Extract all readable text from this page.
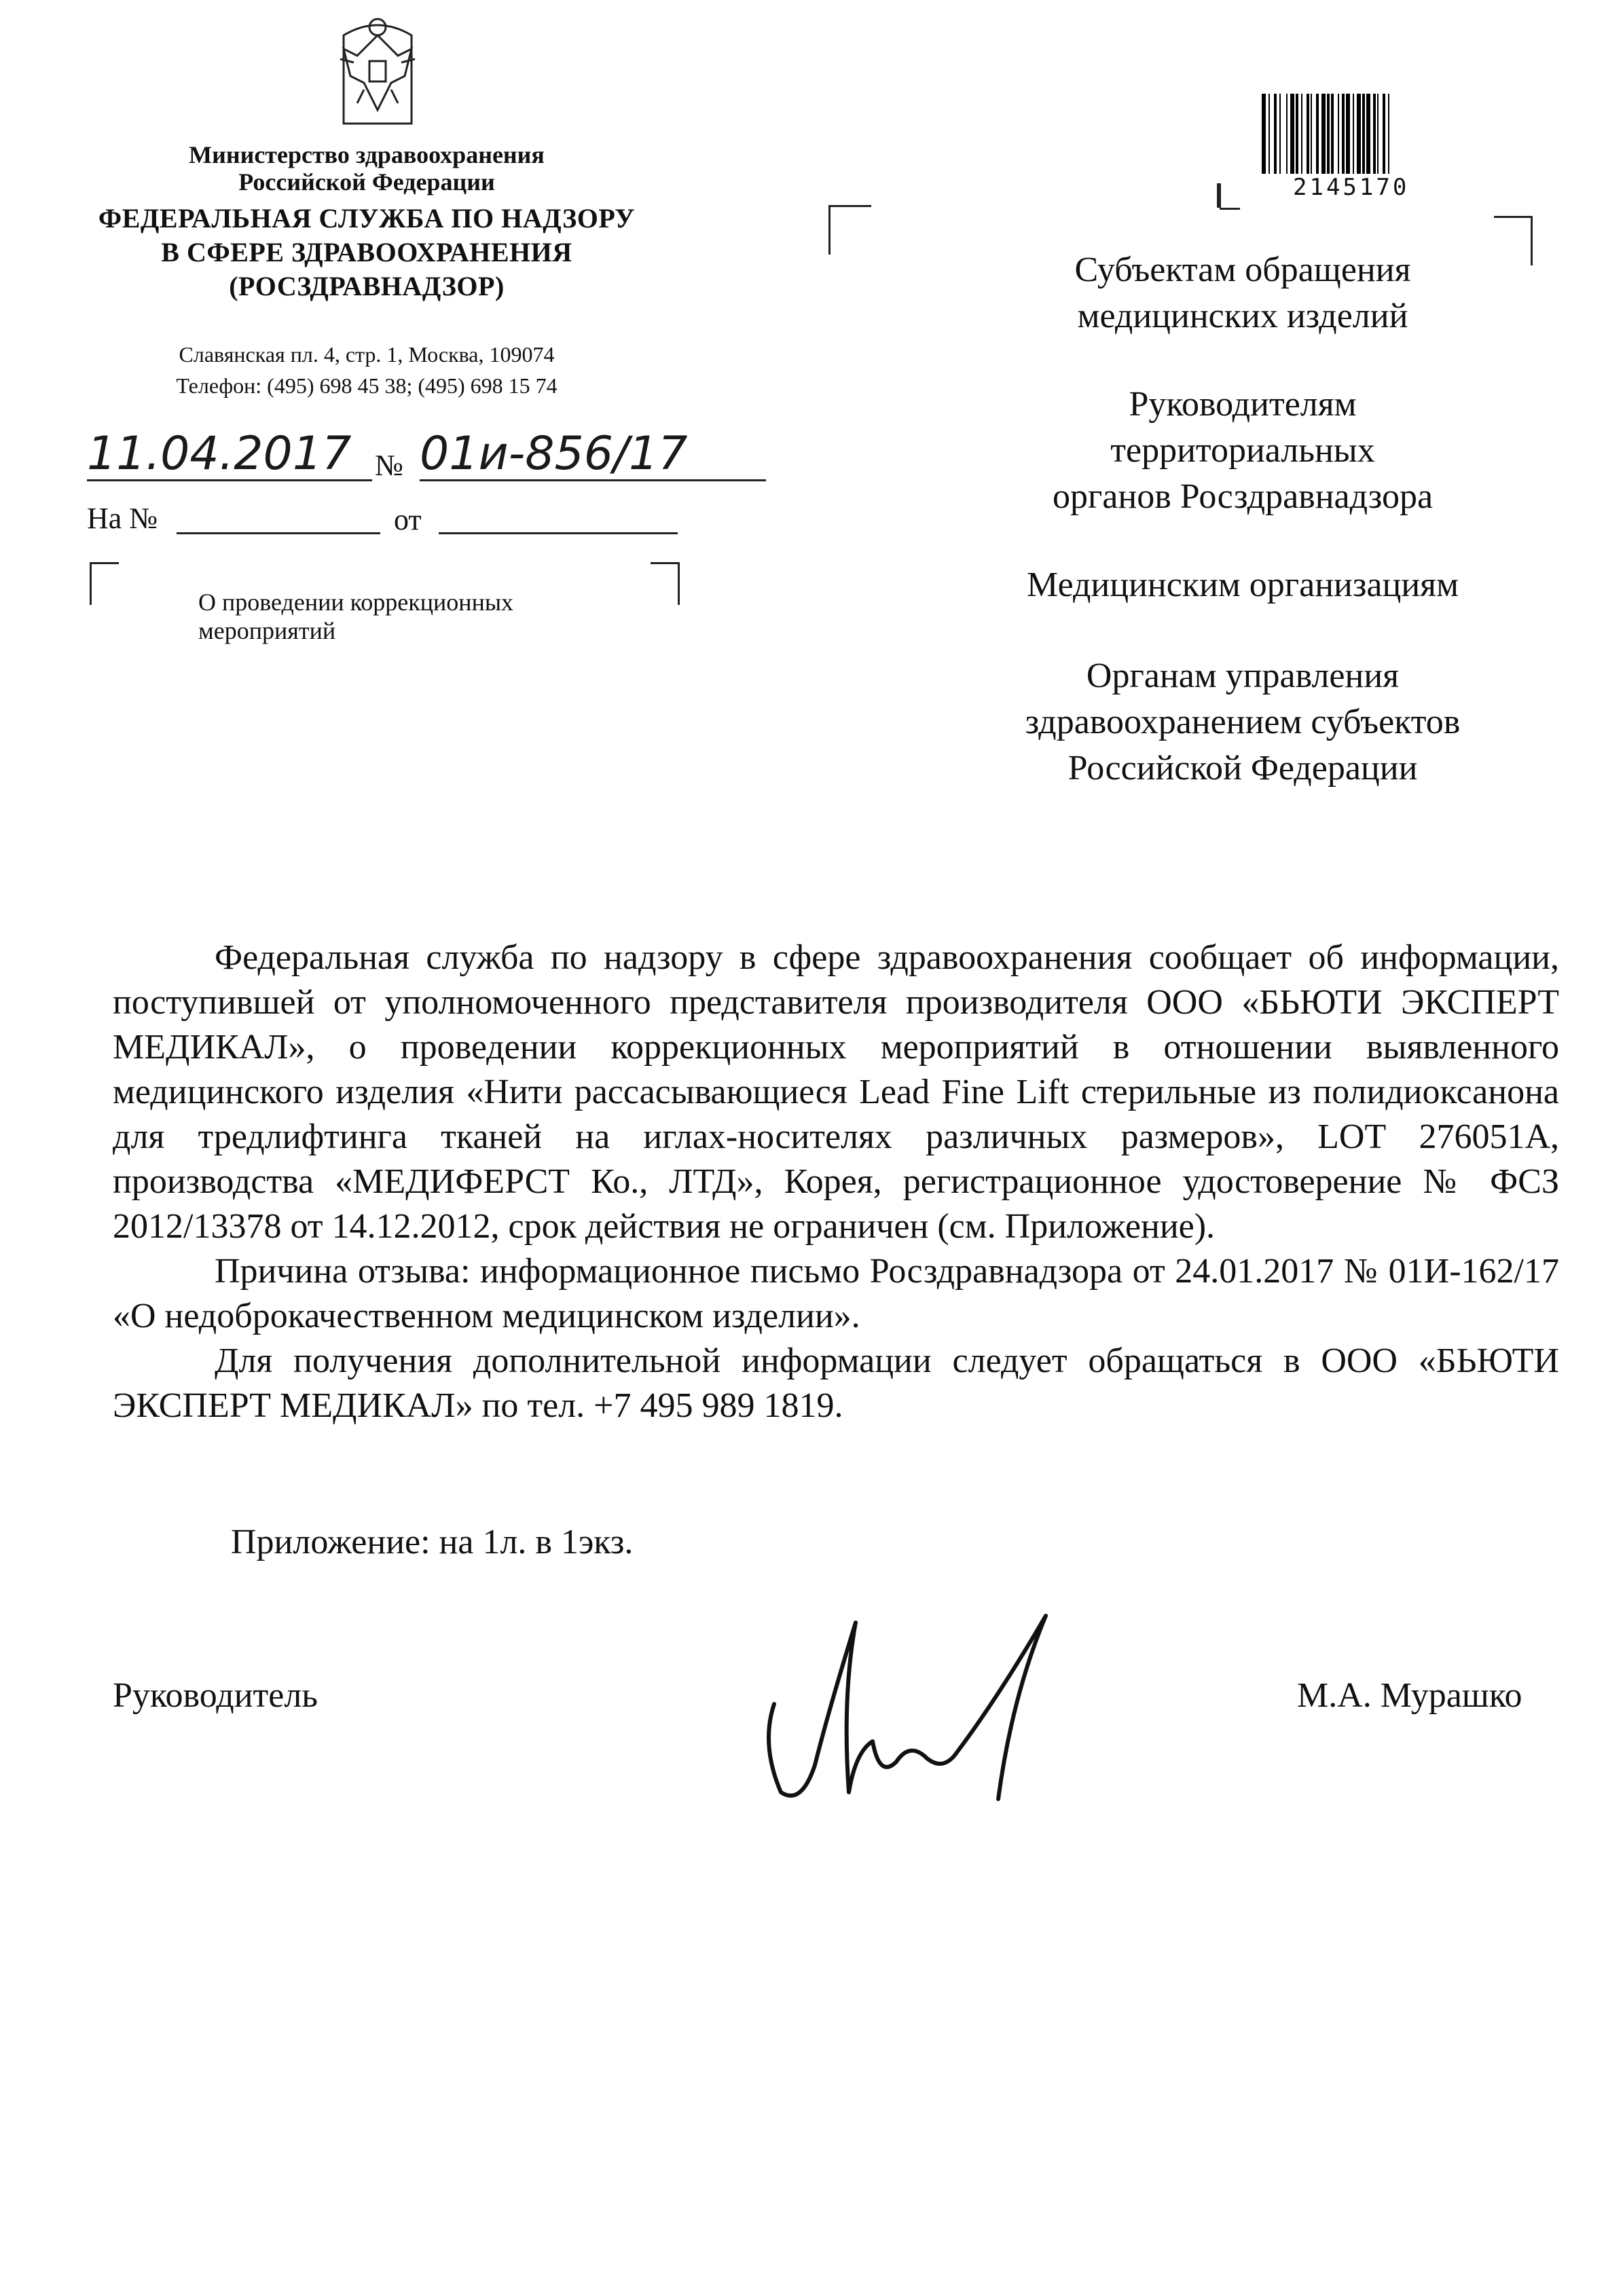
Министерство здравоохранения
Российской Федерации
ФЕДЕРАЛЬНАЯ СЛУЖБА ПО НАДЗОРУ
В СФЕРЕ ЗДРАВООХРАНЕНИЯ
(РОСЗДРАВНАДЗОР)
Славянская пл. 4, стр. 1, Москва, 109074
Телефон: (495) 698 45 38; (495) 698 15 74
11.04.2017 № 01и-856/17
На №	от
О проведении коррекционных
мероприятий
2145170
Субъектам обращения
медицинских изделий
Руководителям
территориальных
органов Росздравнадзора
Медицинским организациям
Органам управления
здравоохранением субъектов
Российской Федерации

Федеральная служба по надзору в сфере здравоохранения сообщает об информации, поступившей от уполномоченного представителя производителя ООО «БЬЮТИ ЭКСПЕРТ МЕДИКАЛ», о проведении коррекционных мероприятий в отношении выявленного медицинского изделия «Нити рассасывающиеся Lead Fine Lift стерильные из полидиоксанона для тредлифтинга тканей на иглах-носителях различных размеров», LOT 276051A, производства «МЕДИФЕРСТ Ко., ЛТД», Корея, регистрационное удостоверение № ФСЗ 2012/13378 от 14.12.2012, срок действия не ограничен (см. Приложение).

Причина отзыва: информационное письмо Росздравнадзора от 24.01.2017 № 01И-162/17 «О недоброкачественном медицинском изделии».

Для получения дополнительной информации следует обращаться в ООО «БЬЮТИ ЭКСПЕРТ МЕДИКАЛ» по тел. +7 495 989 1819.

Приложение: на 1л. в 1экз.
Руководитель	М.А. Мурашко
